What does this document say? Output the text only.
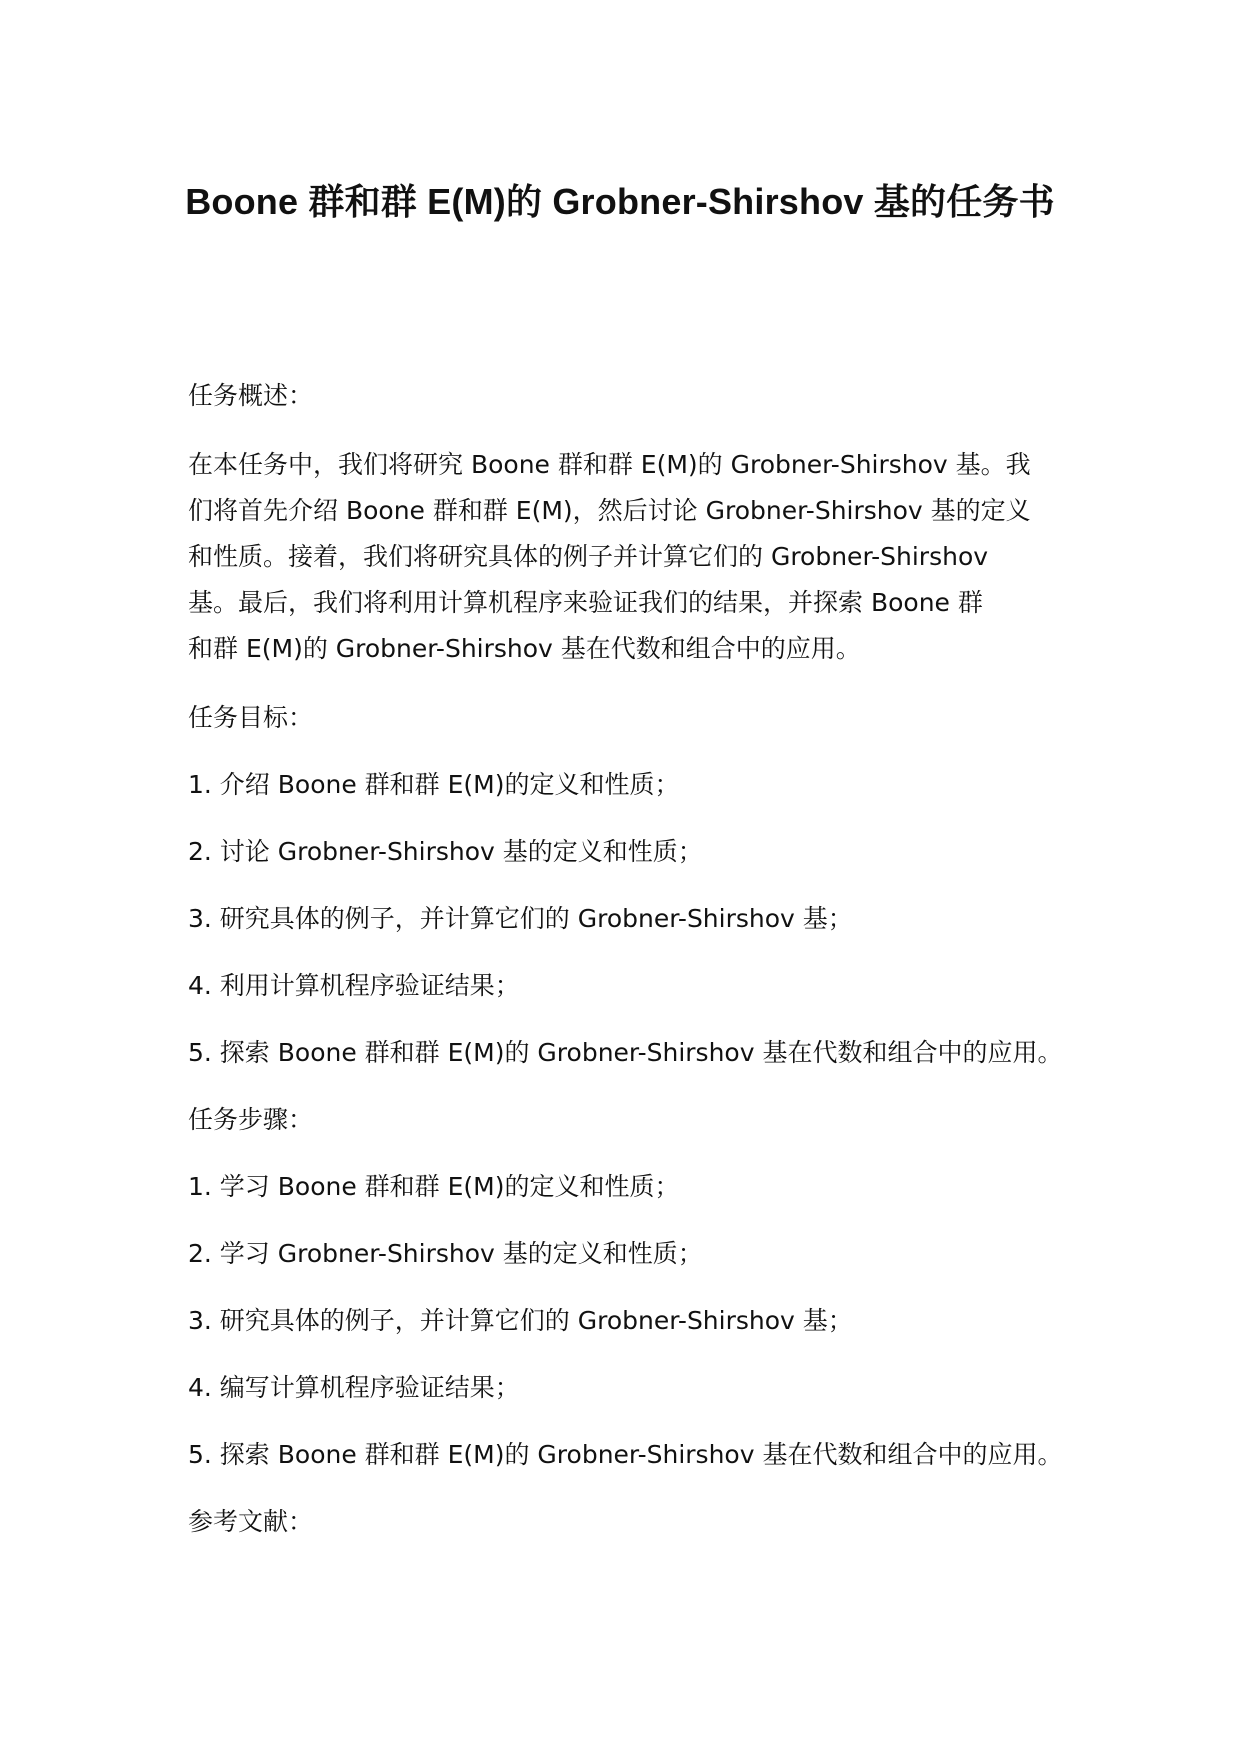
Boone 群和群 E(M)的 Grobner-Shirshov 基的任务书

任务概述：

在本任务中，我们将研究 Boone 群和群 E(M)的 Grobner-Shirshov 基。我
们将首先介绍 Boone 群和群 E(M)，然后讨论 Grobner-Shirshov 基的定义
和性质。接着，我们将研究具体的例子并计算它们的 Grobner-Shirshov
基。最后，我们将利用计算机程序来验证我们的结果，并探索 Boone 群
和群 E(M)的 Grobner-Shirshov 基在代数和组合中的应用。

任务目标：

1. 介绍 Boone 群和群 E(M)的定义和性质；

2. 讨论 Grobner-Shirshov 基的定义和性质；

3. 研究具体的例子，并计算它们的 Grobner-Shirshov 基；

4. 利用计算机程序验证结果；

5. 探索 Boone 群和群 E(M)的 Grobner-Shirshov 基在代数和组合中的应用。

任务步骤：

1. 学习 Boone 群和群 E(M)的定义和性质；

2. 学习 Grobner-Shirshov 基的定义和性质；

3. 研究具体的例子，并计算它们的 Grobner-Shirshov 基；

4. 编写计算机程序验证结果；

5. 探索 Boone 群和群 E(M)的 Grobner-Shirshov 基在代数和组合中的应用。

参考文献：
